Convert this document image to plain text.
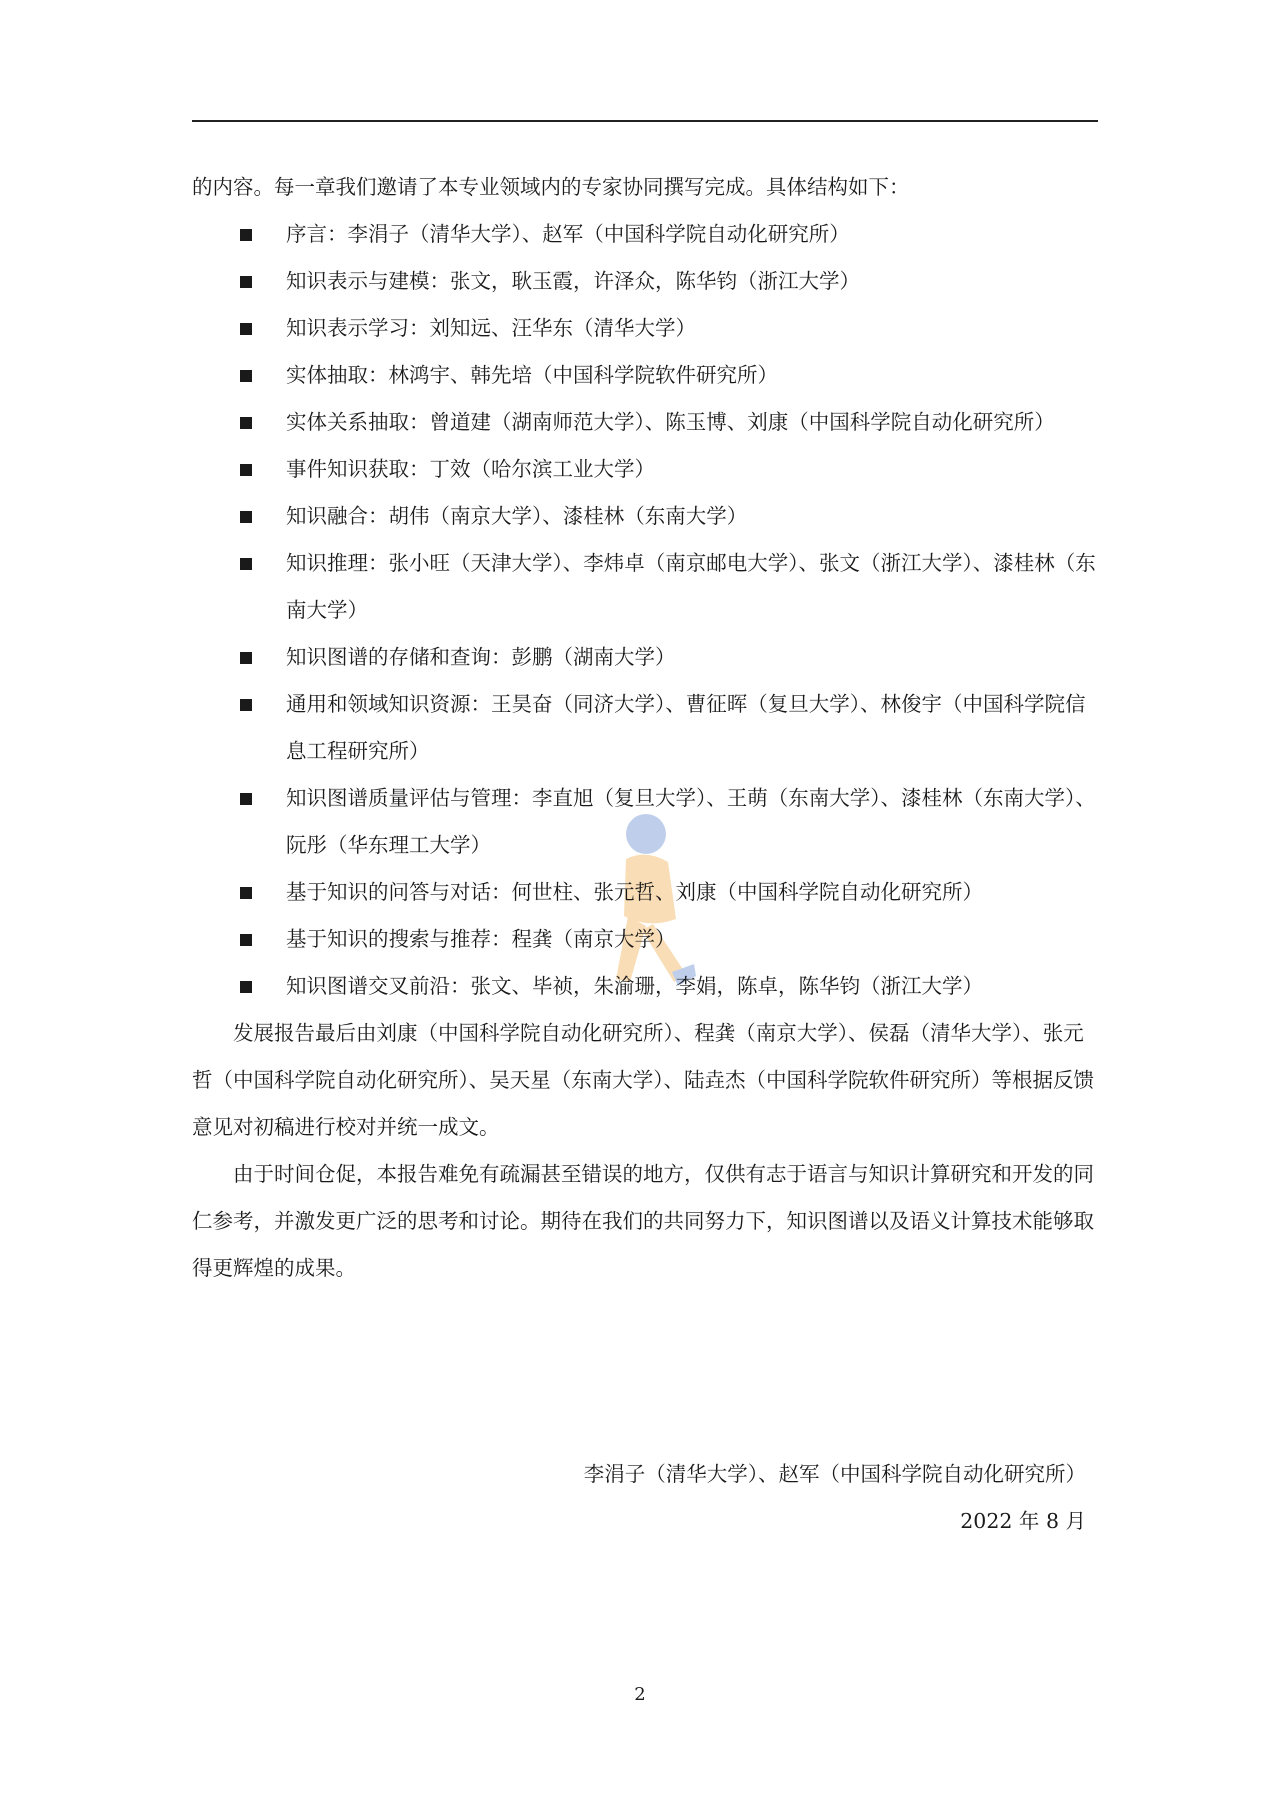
的内容。每一章我们邀请了本专业领域内的专家协同撰写完成。具体结构如下：

序言：李涓子（清华大学）、赵军（中国科学院自动化研究所）
知识表示与建模：张文，耿玉霞，许泽众，陈华钧（浙江大学）
知识表示学习：刘知远、汪华东（清华大学）
实体抽取：林鸿宇、韩先培（中国科学院软件研究所）
实体关系抽取：曾道建（湖南师范大学）、陈玉博、刘康（中国科学院自动化研究所）
事件知识获取：丁效（哈尔滨工业大学）
知识融合：胡伟（南京大学）、漆桂林（东南大学）
知识推理：张小旺（天津大学）、李炜卓（南京邮电大学）、张文（浙江大学）、漆桂林（东南大学）
知识图谱的存储和查询：彭鹏（湖南大学）
通用和领域知识资源：王昊奋（同济大学）、曹征晖（复旦大学）、林俊宇（中国科学院信息工程研究所）
知识图谱质量评估与管理：李直旭（复旦大学）、王萌（东南大学）、漆桂林（东南大学）、阮彤（华东理工大学）
基于知识的问答与对话：何世柱、张元哲、刘康（中国科学院自动化研究所）
基于知识的搜索与推荐：程龚（南京大学）
知识图谱交叉前沿：张文、毕祯，朱渝珊，李娟，陈卓，陈华钧（浙江大学）

发展报告最后由刘康（中国科学院自动化研究所）、程龚（南京大学）、侯磊（清华大学）、张元哲（中国科学院自动化研究所）、吴天星（东南大学）、陆垚杰（中国科学院软件研究所）等根据反馈意见对初稿进行校对并统一成文。

由于时间仓促，本报告难免有疏漏甚至错误的地方，仅供有志于语言与知识计算研究和开发的同仁参考，并激发更广泛的思考和讨论。期待在我们的共同努力下，知识图谱以及语义计算技术能够取得更辉煌的成果。

李涓子（清华大学）、赵军（中国科学院自动化研究所）
2022 年 8 月
2
